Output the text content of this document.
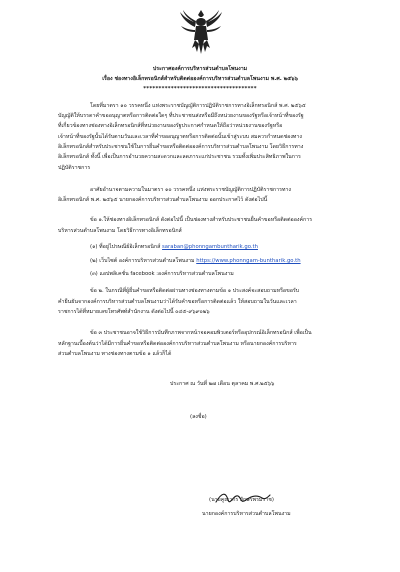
ประกาศองค์การบริหารส่วนตำบลโพนงาม
เรื่อง ช่องทางอิเล็กทรอนิกส์สำหรับติดต่อองค์การบริหารส่วนตำบลโพนงาม พ.ศ. ๒๕๖๖
*************************************
โดยที่มาตรา ๑๐ วรรคหนึ่ง แห่งพระราชบัญญัติการปฏิบัติราชการทางอิเล็กทรอนิกส์ พ.ศ. ๒๕๖๕
บัญญัติให้บรรดาคำขออนุญาตหรือการติดต่อใดๆ ที่ประชาชนส่งหรือมีถึงหน่วยงานของรัฐหรือเจ้าหน้าที่ของรัฐ
ที่เกี่ยวข้องทางช่องทางอิเล็กทรอนิกส์ที่หน่วยงานของรัฐประกาศกำหนดให้ถือว่าหน่วยงานของรัฐหรือ
เจ้าหน้าที่ของรัฐนั้นได้รับตามวันและเวลาที่คำขออนุญาตหรือการติดต่อนั้นเข้าสู่ระบบ สมควรกำหนดช่องทาง
อิเล็กทรอนิกส์สำหรับประชาชนใช้ในการยื่นคำขอหรือติดต่อองค์การบริหารส่วนตำบลโพนงาม โดยวิธีการทาง
อิเล็กทรอนิกส์ ทั้งนี้ เพื่อเป็นการอำนวยความสะดวกและลดภาระแก่ประชาชน รวมทั้งเพิ่มประสิทธิภาพในการ
ปฏิบัติราชการ
อาศัยอำนาจตามความในมาตรา ๑๐ วรรคหนึ่ง แห่งพระราชบัญญัติการปฏิบัติราชการทาง
อิเล็กทรอนิกส์ พ.ศ. ๒๕๖๕ นายกองค์การบริหารส่วนตำบลโพนงาม ออกประกาศไว้ ดังต่อไปนี้
ข้อ ๑.ให้ช่องทางอิเล็กทรอนิกส์ ดังต่อไปนี้ เป็นช่องทางสำหรับประชาชนยื่นคำขอหรือติดต่อองค์การ
บริหารส่วนตำบลโพนงาม โดยวิธีการทางอิเล็กทรอนิกส์
(๑) ที่อยู่ไปรษณีย์อิเล็กทรอนิกส์ saraban@phonngambuntharik.go.th
(๒) เว็บไซต์ องค์การบริหารส่วนตำบลโพนงาม https://www.phonngam-buntharik.go.th
(๓) แอปพลิเคชั่น facebook :องค์การบริหารส่วนตำบลโพนงาม
ข้อ ๒. ในกรณีที่ผู้ยื่นคำขอหรือติดต่อผ่านทางช่องทางตามข้อ ๑ ประสงค์จะสอบถามหรือขอรับ
คำยืนยันจากองค์การบริหารส่วนตำบลโพนงามว่าได้รับคำขอหรือการติดต่อแล้ว ให้สอบถามในวันและเวลา
ราชการได้ที่หมายเลขโทรศัพท์สำนักงาน ดังต่อไปนี้ ๐๔๕-๙๖๙๐๒๖
ข้อ ๓ ประชาชนอาจใช้วิธีการบันทึกภาพจากหน้าจอคอมพิวเตอร์หรืออุปกรณ์อิเล็กทรอนิกส์ เพื่อเป็น
หลักฐานเบื้องต้นว่าได้มีการยื่นคำขอหรือติดต่อองค์การบริหารส่วนตำบลโพนงาม หรือนายกองค์การบริหาร
ส่วนตำบลโพนงาม ทางช่องทางตามข้อ ๑ แล้วก็ได้
ประกาศ ณ วันที่ ๒๗ เดือน ตุลาคม พ.ศ.๒๕๖๖
(ลงชื่อ)
(นายคูณากร ยักษรพรมราช)
นายกองค์การบริหารส่วนตำบลโพนงาม
